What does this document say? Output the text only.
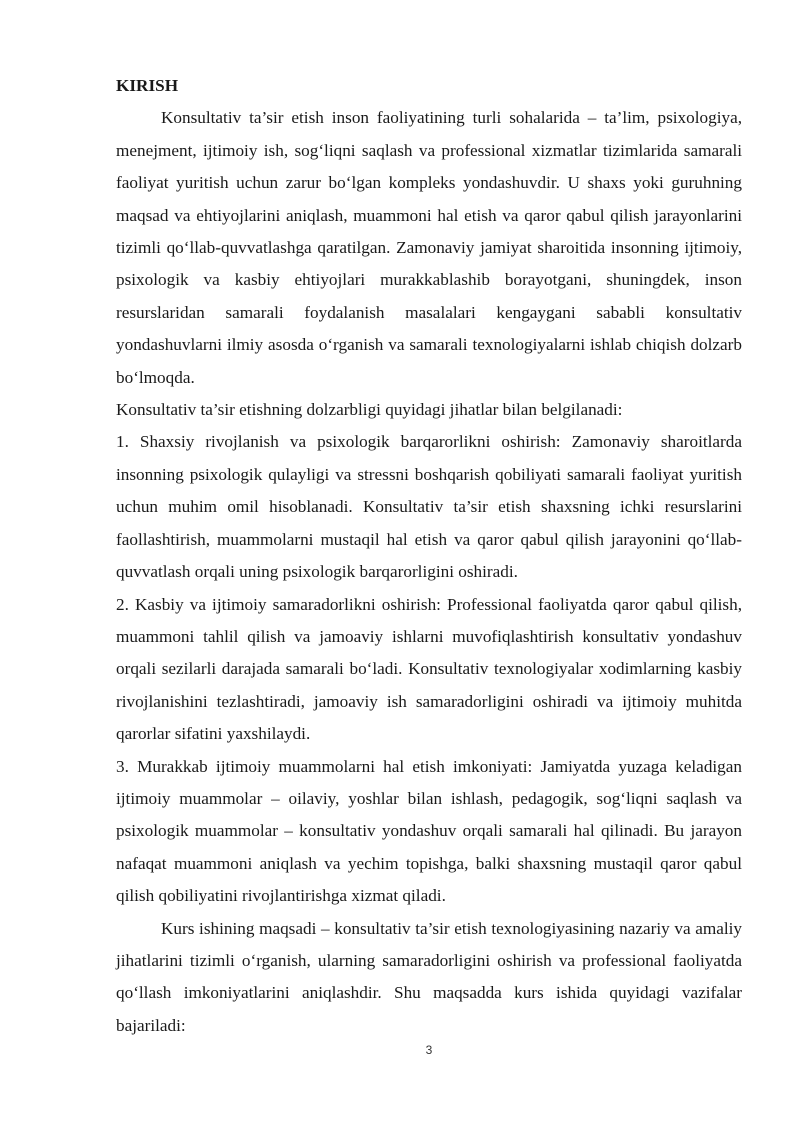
KIRISH

Konsultativ ta’sir etish inson faoliyatining turli sohalarida – ta’lim, psixologiya, menejment, ijtimoiy ish, sog‘liqni saqlash va professional xizmatlar tizimlarida samarali faoliyat yuritish uchun zarur bo‘lgan kompleks yondashuvdir. U shaxs yoki guruhning maqsad va ehtiyojlarini aniqlash, muammoni hal etish va qaror qabul qilish jarayonlarini tizimli qo‘llab-quvvatlashga qaratilgan. Zamonaviy jamiyat sharoitida insonning ijtimoiy, psixologik va kasbiy ehtiyojlari murakkablashib borayotgani, shuningdek, inson resurslaridan samarali foydalanish masalalari kengaygani sababli konsultativ yondashuvlarni ilmiy asosda o‘rganish va samarali texnologiyalarni ishlab chiqish dolzarb bo‘lmoqda.

Konsultativ ta’sir etishning dolzarbligi quyidagi jihatlar bilan belgilanadi:

1. Shaxsiy rivojlanish va psixologik barqarorlikni oshirish: Zamonaviy sharoitlarda insonning psixologik qulayligi va stressni boshqarish qobiliyati samarali faoliyat yuritish uchun muhim omil hisoblanadi. Konsultativ ta’sir etish shaxsning ichki resurslarini faollashtirish, muammolarni mustaqil hal etish va qaror qabul qilish jarayonini qo‘llab-quvvatlash orqali uning psixologik barqarorligini oshiradi.

2. Kasbiy va ijtimoiy samaradorlikni oshirish: Professional faoliyatda qaror qabul qilish, muammoni tahlil qilish va jamoaviy ishlarni muvofiqlashtirish konsultativ yondashuv orqali sezilarli darajada samarali bo‘ladi. Konsultativ texnologiyalar xodimlarning kasbiy rivojlanishini tezlashtiradi, jamoaviy ish samaradorligini oshiradi va ijtimoiy muhitda qarorlar sifatini yaxshilaydi.

3. Murakkab ijtimoiy muammolarni hal etish imkoniyati: Jamiyatda yuzaga keladigan ijtimoiy muammolar – oilaviy, yoshlar bilan ishlash, pedagogik, sog‘liqni saqlash va psixologik muammolar – konsultativ yondashuv orqali samarali hal qilinadi. Bu jarayon nafaqat muammoni aniqlash va yechim topishga, balki shaxsning mustaqil qaror qabul qilish qobiliyatini rivojlantirishga xizmat qiladi.

Kurs ishining maqsadi – konsultativ ta’sir etish texnologiyasining nazariy va amaliy jihatlarini tizimli o‘rganish, ularning samaradorligini oshirish va professional faoliyatda qo‘llash imkoniyatlarini aniqlashdir. Shu maqsadda kurs ishida quyidagi vazifalar bajariladi:

3
